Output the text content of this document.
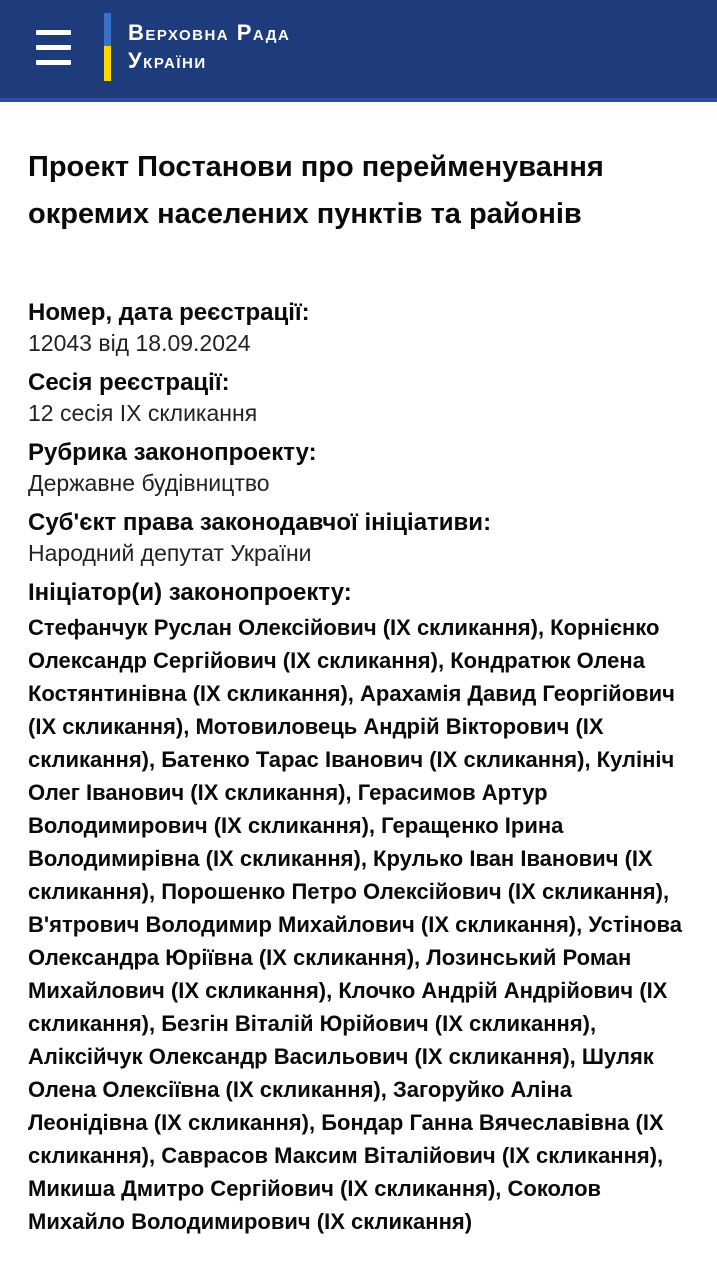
Верховна Рада
України
Проект Постанови про перейменування окремих населених пунктів та районів
Номер, дата реєстрації:
12043 від 18.09.2024
Сесія реєстрації:
12 сесія ІХ скликання
Рубрика законопроекту:
Державне будівництво
Суб'єкт права законодавчої ініціативи:
Народний депутат України
Ініціатор(и) законопроекту:
Стефанчук Руслан Олексійович (ІХ скликання), Корнієнко Олександр Сергійович (ІХ скликання), Кондратюк Олена Костянтинівна (ІХ скликання), Арахамія Давид Георгійович (ІХ скликання), Мотовиловець Андрій Вікторович (ІХ скликання), Батенко Тарас Іванович (ІХ скликання), Кулініч Олег Іванович (ІХ скликання), Герасимов Артур Володимирович (ІХ скликання), Геращенко Ірина Володимирівна (ІХ скликання), Крулько Іван Іванович (ІХ скликання), Порошенко Петро Олексійович (ІХ скликання), В'ятрович Володимир Михайлович (ІХ скликання), Устінова Олександра Юріївна (ІХ скликання), Лозинський Роман Михайлович (ІХ скликання), Клочко Андрій Андрійович (ІХ скликання), Безгін Віталій Юрійович (ІХ скликання), Аліксійчук Олександр Васильович (ІХ скликання), Шуляк Олена Олексіївна (ІХ скликання), Загоруйко Аліна Леонідівна (ІХ скликання), Бондар Ганна Вячеславівна (ІХ скликання), Саврасов Максим Віталійович (ІХ скликання), Микиша Дмитро Сергійович (ІХ скликання), Соколов Михайло Володимирович (ІХ скликання)
